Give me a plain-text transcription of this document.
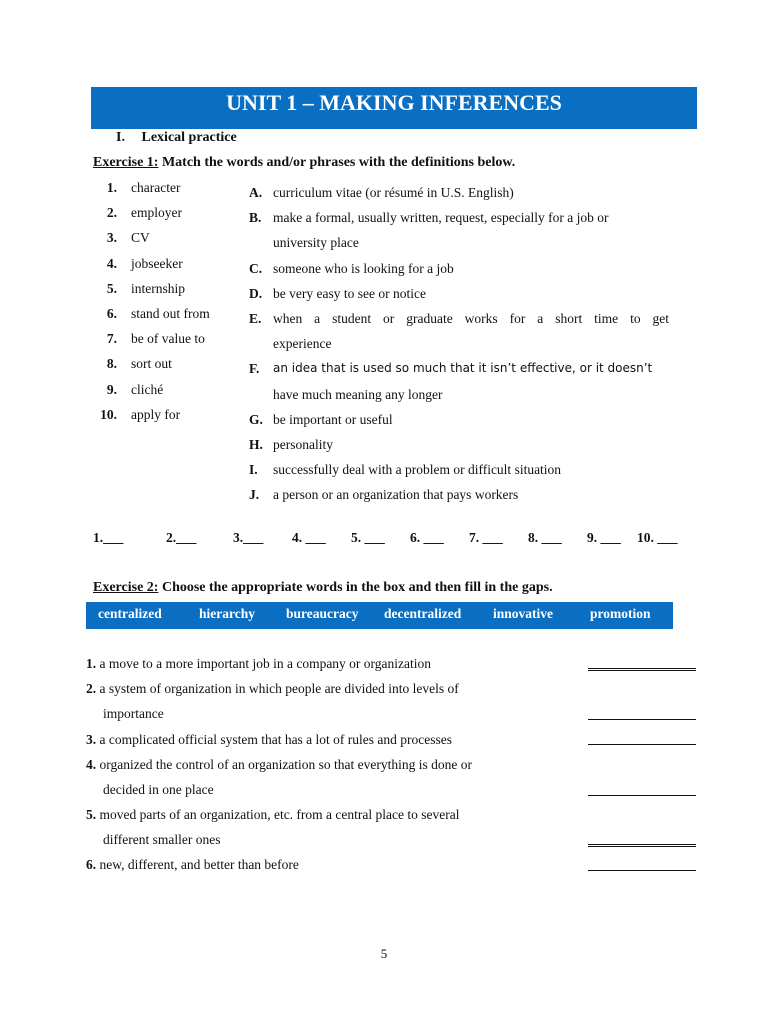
UNIT 1 – MAKING INFERENCES
I. Lexical practice
Exercise 1: Match the words and/or phrases with the definitions below.
1. character
2. employer
3. CV
4. jobseeker
5. internship
6. stand out from
7. be of value to
8. sort out
9. cliché
10. apply for
A. curriculum vitae (or résumé in U.S. English)
B. make a formal, usually written, request, especially for a job or
university place
C. someone who is looking for a job
D. be very easy to see or notice
E. when a student or graduate works for a short time to get
experience
F.	an idea that is used so much that it isn’t effective, or it doesn’t
have much meaning any longer
G. be important or useful
H. personality
I.	successfully deal with a problem or difficult situation
J.	a person or an organization that pays workers
1.___	2.___	3.___ 4. ___ 5. ___ 6. ___ 7. ___ 8. ___ 9. ___ 10. ___
Exercise 2: Choose the appropriate words in the box and then fill in the gaps.
centralized	hierarchy bureaucracy decentralized innovative	promotion
1. a move to a more important job in a company or organization
2. a system of organization in which people are divided into levels of
importance
3. a complicated official system that has a lot of rules and processes
4. organized the control of an organization so that everything is done or
decided in one place
5. moved parts of an organization, etc. from a central place to several
different smaller ones
6. new, different, and better than before
5
